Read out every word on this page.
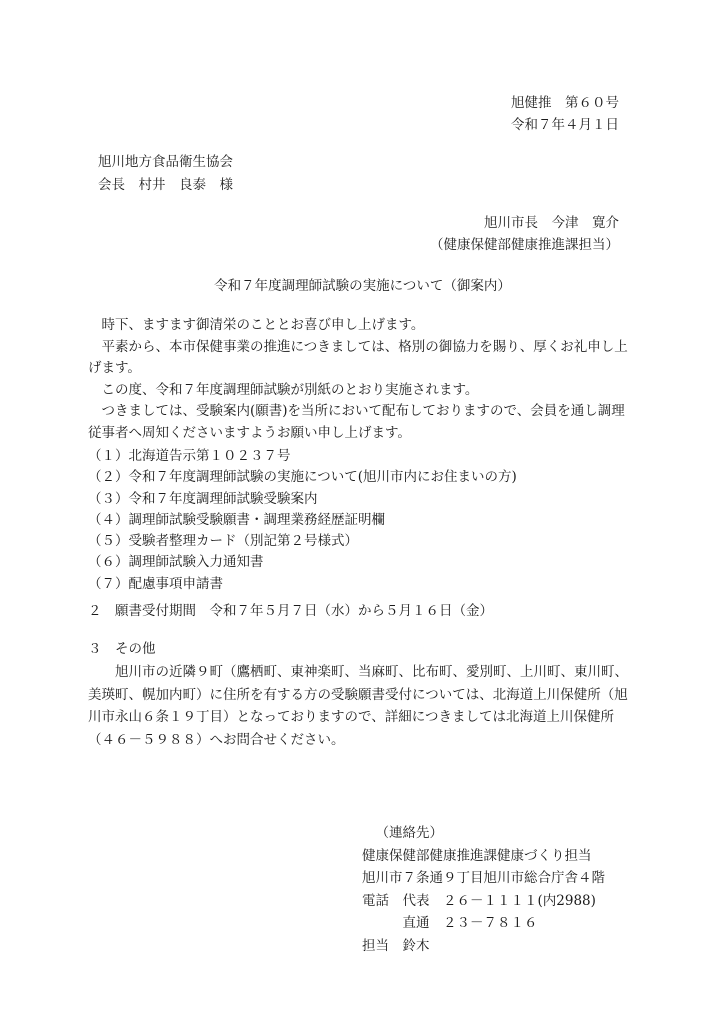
旭健推　第６０号
令和７年４月１日
旭川地方食品衛生協会
会長　村井　良泰　様
旭川市長　今津　寛介
（健康保健部健康推進課担当）
令和７年度調理師試験の実施について（御案内）

時下、ますます御清栄のこととお喜び申し上げます。

平素から、本市保健事業の推進につきましては、格別の御協力を賜り、厚くお礼申し上げます。

この度、令和７年度調理師試験が別紙のとおり実施されます。

つきましては、受験案内(願書)を当所において配布しておりますので、会員を通し調理従事者へ周知くださいますようお願い申し上げます。

（１）北海道告示第１０２３７号
（２）令和７年度調理師試験の実施について(旭川市内にお住まいの方)
（３）令和７年度調理師試験受験案内
（４）調理師試験受験願書・調理業務経歴証明欄
（５）受験者整理カード（別記第２号様式）
（６）調理師試験入力通知書
（７）配慮事項申請書
２　願書受付期間　令和７年５月７日（水）から５月１６日（金）
３　その他

旭川市の近隣９町（鷹栖町、東神楽町、当麻町、比布町、愛別町、上川町、東川町、美瑛町、幌加内町）に住所を有する方の受験願書受付については、北海道上川保健所（旭川市永山６条１９丁目）となっておりますので、詳細につきましては北海道上川保健所（４６－５９８８）へお問合せください。

（連絡先）
健康保健部健康推進課健康づくり担当
旭川市７条通９丁目旭川市総合庁舎４階
電話　代表　２６－１１１１(内2988)
直通　２３－７８１６
担当　鈴木
